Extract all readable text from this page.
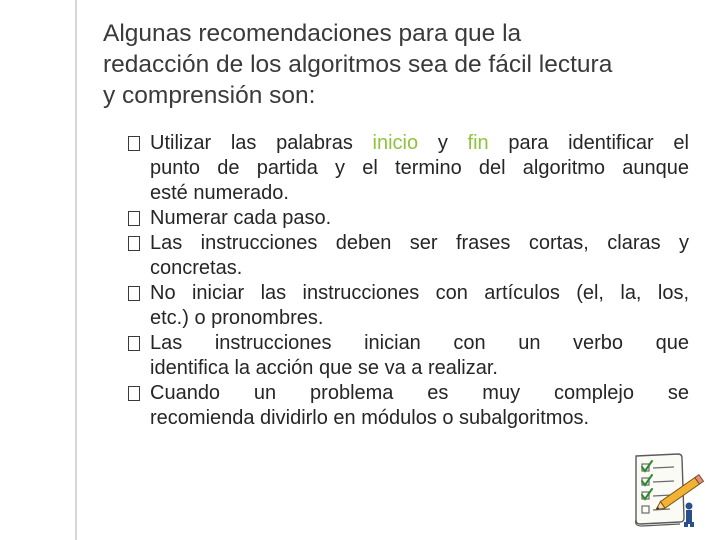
Algunas recomendaciones para que la
redacción de los algoritmos sea de fácil lectura
y comprensión son:
Utilizar las palabras inicio y fin para identificar el
punto de partida y el termino del algoritmo aunque
esté numerado.
Numerar cada paso.
Las instrucciones deben ser frases cortas, claras y
concretas.
No iniciar las instrucciones con artículos (el, la, los,
etc.) o pronombres.
Las instrucciones inician con un verbo que
identifica la acción que se va a realizar.
Cuando un problema es muy complejo se
recomienda dividirlo en módulos o subalgoritmos.
